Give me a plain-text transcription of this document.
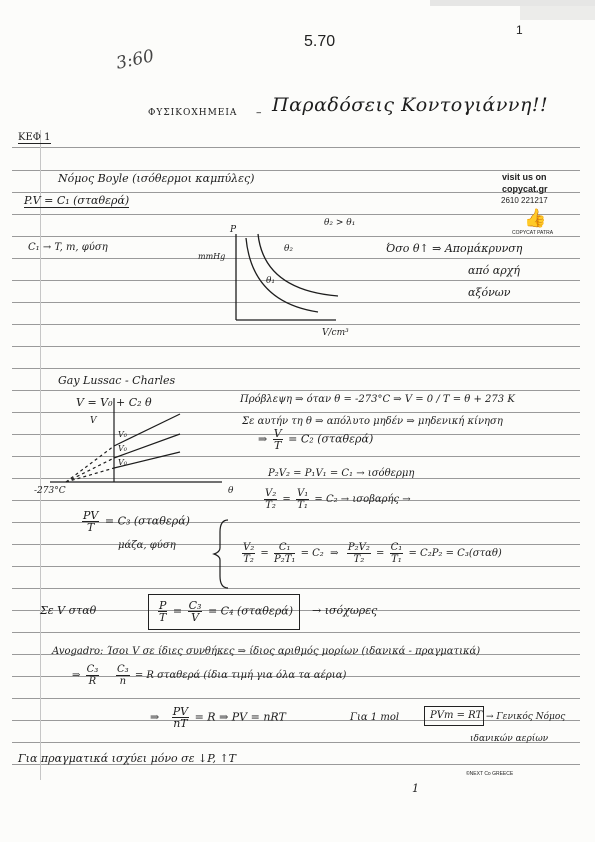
5.70
1
3:60
ΦΥΣΙΚΟΧΗΜΕΙΑ – Παραδόσεις Κοντογιάννη!!
ΚΕΦ 1
visit us on
copycat.gr
2610 221217
👍
COPYCAT PATRA
Νόμος Boyle (ισόθερμοι καμπύλες)
P.V = C₁ (σταθερά)
C₁ → T, m, φύση
P
mmHg
θ₂ > θ₁
θ₂
θ₁
V/cm³
Όσο θ↑ ⇒ Απομάκρυνση
από αρχή
αξόνων
Gay Lussac - Charles
V = V₀ + C₂ θ	Πρόβλεψη ⇒ όταν θ = -273°C ⇒ V = 0 / T = θ + 273 K
Σε αυτήν τη θ ⇒ απόλυτο μηδέν ⇒ μηδενική κίνηση
V
V₀
V₀
V₀
-273°C	θ
⇒ $\frac{V}{T} = C_2$ (σταθερά)
P₂V₂ = P₁V₁ = C₁ → ισόθερμη
$\frac{\text{V₂}}{\text{T₂}} = \frac{\text{V₁}}{\text{T₁}} = C_2 \to \iota\sigma o\beta\alpha\rho ή\varsigma$ →
$\frac{PV}{T} = C_3$ (σταθερά)
μάζα, φύση	$\frac{\text{V₂}}{\text{T₂}} = \frac{\text{C₁}}{\text{P₂T₁}} = C_2$  ⇒ $\frac{\text{P₂V₂}}{\text{T₂}} = \frac{\text{C₁}}{\text{T₁}} = C_2P_2 = C_3(\sigma\tau\alpha\theta)$
Σε V σταθ	$\frac{P}{T} = \frac{\text{C₃}}{V} = C_4$ (σταθερά) → ισόχωρες
Avogadro: Ίσοι V σε ίδιες συνθήκες ⇒ ίδιος αριθμός μορίων (ιδανικά - πραγματικά)
⇒ $\frac{\text{C₃}}{R}$
$\frac{\text{C₃}}{n} = R$ σταθερά (ίδια τιμή για όλα τα αέρια)
⇒ $\frac{PV}{nT} = R$ ⇒ PV = nRT	Για 1 mol	PVm = RT → Γενικός Νόμος
ιδανικών αερίων
Για πραγματικά ισχύει μόνο σε ↓P, ↑T
1
©NEXT Co GREECE
